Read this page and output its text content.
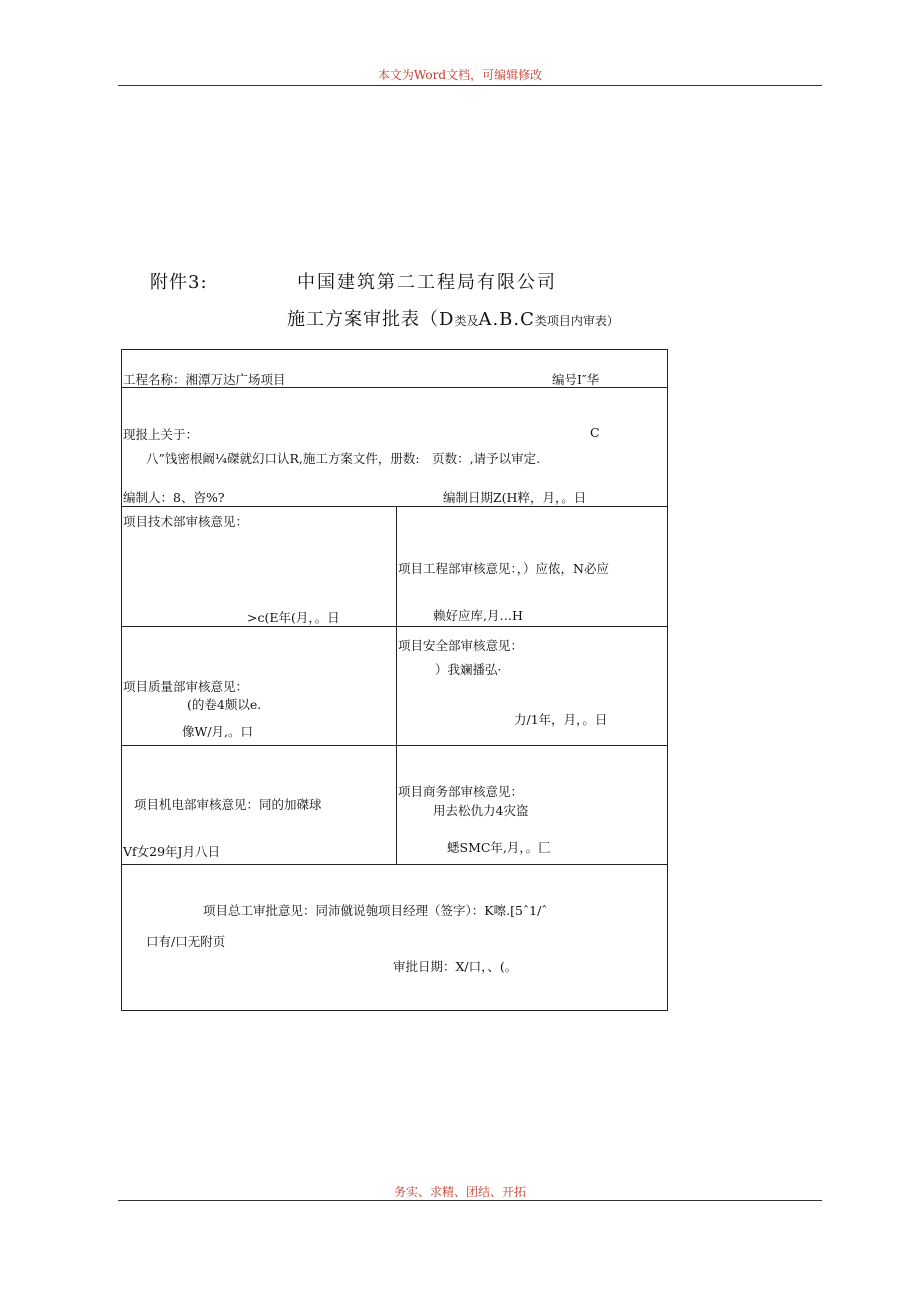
本文为Word文档，可编辑修改
附件3:	中国建筑第二工程局有限公司
施工方案审批表（D类及A.B.C类项目内审表）
工程名称：湘潭万达广场项目	编号I″华
现报上关于：	C
八”饯密根阚¼磔就幻口认R,施工方案文件，册数:　页数：,请予以审定.
编制人：8、咨%?	编制日期Z(H粹，月，。日
项目技术部审核意见：
>c(E年(月，。日
项目工程部审核意见：，）应侬，N必应
赖好应库,月…H
项目质量部审核意见：
(的卷4颇以e.
像W/月,。口
项目安全部审核意见：
）我斓播弘·
力/1年，月，。日
项目机电部审核意见：同的加磔球
Vf女29年J月八日
项目商务部审核意见：
用去松仇力4灾盗
蟋SMC年,月，。匚
项目总工审批意见：同沛僦说匏项目经理（签字）：K嚓.[5ˆ1/ˆ
口有/口无附页
审批日期：X/口，、(。
务实、求精、团结、开拓
